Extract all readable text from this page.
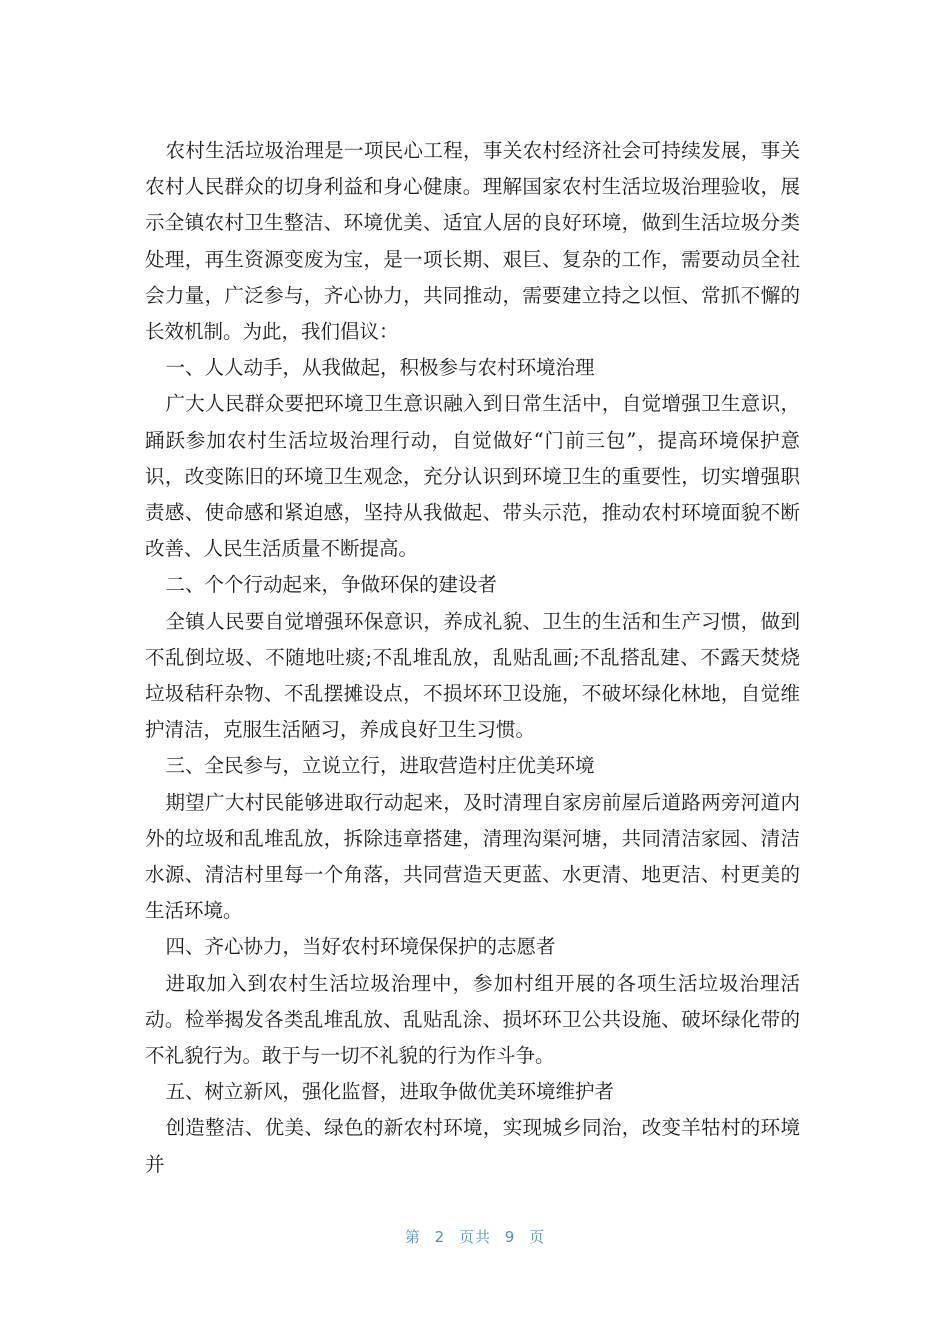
农村生活垃圾治理是一项民心工程，事关农村经济社会可持续发展，事关农村人民群众的切身利益和身心健康。理解国家农村生活垃圾治理验收，展示全镇农村卫生整洁、环境优美、适宜人居的良好环境，做到生活垃圾分类处理，再生资源变废为宝，是一项长期、艰巨、复杂的工作，需要动员全社会力量，广泛参与，齐心协力，共同推动，需要建立持之以恒、常抓不懈的长效机制。为此，我们倡议：

一、人人动手，从我做起，积极参与农村环境治理

广大人民群众要把环境卫生意识融入到日常生活中，自觉增强卫生意识，踊跃参加农村生活垃圾治理行动，自觉做好“门前三包”，提高环境保护意识，改变陈旧的环境卫生观念，充分认识到环境卫生的重要性，切实增强职责感、使命感和紧迫感，坚持从我做起、带头示范，推动农村环境面貌不断改善、人民生活质量不断提高。

二、个个行动起来，争做环保的建设者

全镇人民要自觉增强环保意识，养成礼貌、卫生的生活和生产习惯，做到不乱倒垃圾、不随地吐痰;不乱堆乱放，乱贴乱画;不乱搭乱建、不露天焚烧垃圾秸秆杂物、不乱摆摊设点，不损坏环卫设施，不破坏绿化林地，自觉维护清洁，克服生活陋习，养成良好卫生习惯。

三、全民参与，立说立行，进取营造村庄优美环境

期望广大村民能够进取行动起来，及时清理自家房前屋后道路两旁河道内外的垃圾和乱堆乱放，拆除违章搭建，清理沟渠河塘，共同清洁家园、清洁水源、清洁村里每一个角落，共同营造天更蓝、水更清、地更洁、村更美的生活环境。

四、齐心协力，当好农村环境保保护的志愿者

进取加入到农村生活垃圾治理中，参加村组开展的各项生活垃圾治理活动。检举揭发各类乱堆乱放、乱贴乱涂、损坏环卫公共设施、破坏绿化带的不礼貌行为。敢于与一切不礼貌的行为作斗争。

五、树立新风，强化监督，进取争做优美环境维护者

创造整洁、优美、绿色的新农村环境，实现城乡同治，改变羊牯村的环境并

第 2 页共 9 页
